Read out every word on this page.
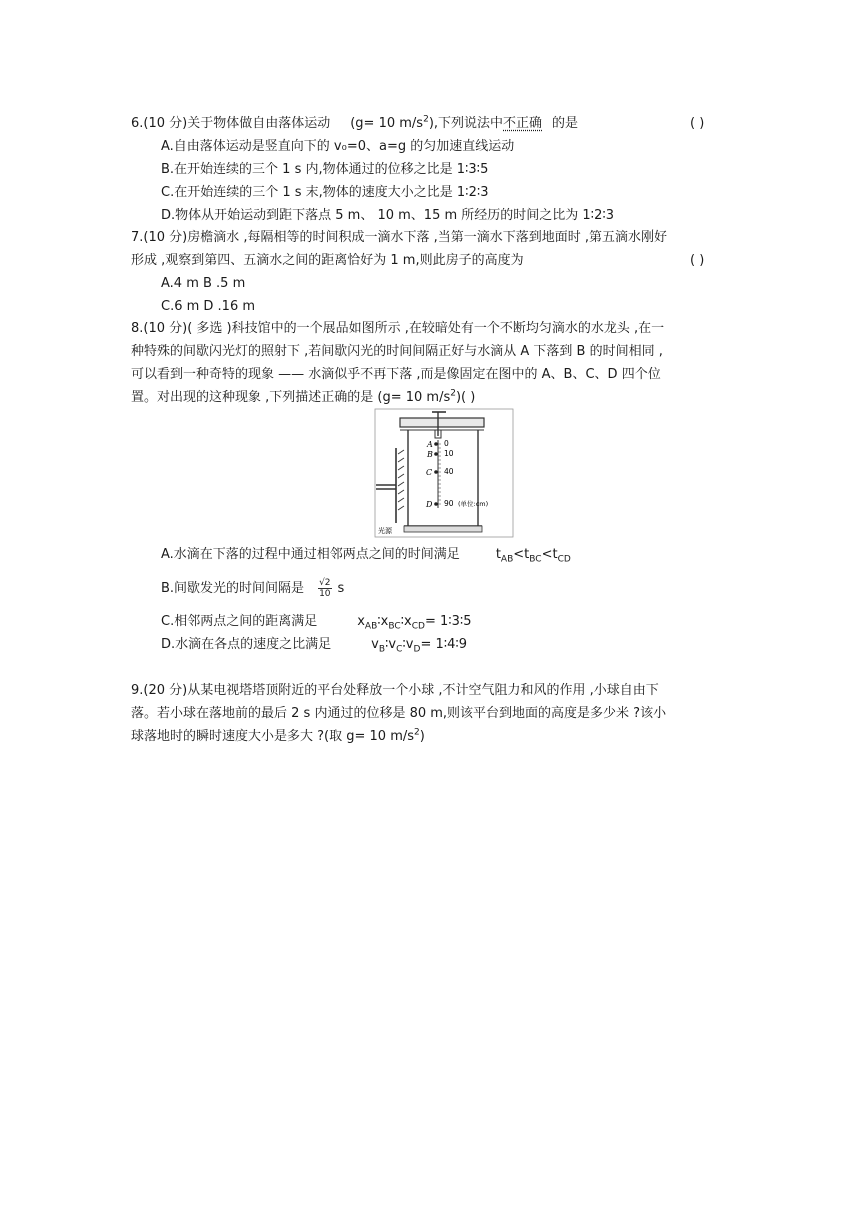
6.(10 分)关于物体做自由落体运动 (g= 10 $m/s^2$),下列说法中不正确 的是	( )
A.自由落体运动是竖直向下的 v₀=0、a=g 的匀加速直线运动
B.在开始连续的三个 1 s 内,物体通过的位移之比是 1∶3∶5
C.在开始连续的三个 1 s 末,物体的速度大小之比是 1∶2∶3
D.物体从开始运动到距下落点 5 m、 10 m、15 m 所经历的时间之比为 1∶2∶3
7.(10 分)房檐滴水 ,每隔相等的时间积成一滴水下落 ,当第一滴水下落到地面时 ,第五滴水刚好
形成 ,观察到第四、五滴水之间的距离恰好为 1 m,则此房子的高度为	( )
A.4 m B .5 m
C.6 m D .16 m
8.(10 分)( 多选 )科技馆中的一个展品如图所示 ,在较暗处有一个不断均匀滴水的水龙头 ,在一
种特殊的间歇闪光灯的照射下 ,若间歇闪光的时间间隔正好与水滴从 A 下落到 B 的时间相同 ,
可以看到一种奇特的现象 —— 水滴似乎不再下落 ,而是像固定在图中的 A、B、C、D 四个位
置。对出现的这种现象 ,下列描述正确的是 (g= 10 $m/s^2$)( )
A
B
C
D
0
10
40
90 (单位:cm)
光源
A.水滴在下落的过程中通过相邻两点之间的时间满足	$t_{AB}<t_{BC}<t_{CD}$
B.间歇发光的时间间隔是 $\frac{√2}{10}$ s
C.相邻两点之间的距离满足	$x_{AB}∶x_{BC}∶x_{CD}=$ 1∶3∶5
D.水滴在各点的速度之比满足	$v_B∶v_C∶v_D=$ 1∶4∶9
9.(20 分)从某电视塔塔顶附近的平台处释放一个小球 ,不计空气阻力和风的作用 ,小球自由下
落。若小球在落地前的最后 2 s 内通过的位移是 80 m,则该平台到地面的高度是多少米 ?该小
球落地时的瞬时速度大小是多大 ?(取 g= 10 $m/s^2$)
